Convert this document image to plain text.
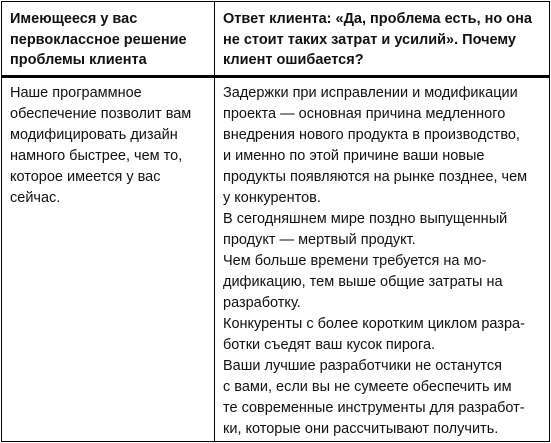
Имеющееся у вас
первоклассное решение
проблемы клиента
Ответ клиента: «Да, проблема есть, но она
не стоит таких затрат и усилий». Почему
клиент ошибается?
Наше программное
обеспечение позволит вам
модифицировать дизайн
намного быстрее, чем то,
которое имеется у вас
сейчас.
Задержки при исправлении и модификации
проекта — основная причина медленного
внедрения нового продукта в производство,
и именно по этой причине ваши новые
продукты появляются на рынке позднее, чем
у конкурентов.
В сегодняшнем мире поздно выпущенный
продукт — мертвый продукт.
Чем больше времени требуется на мо-
дификацию, тем выше общие затраты на
разработку.
Конкуренты с более коротким циклом разра-
ботки съедят ваш кусок пирога.
Ваши лучшие разработчики не останутся
с вами, если вы не сумеете обеспечить им
те современные инструменты для разработ-
ки, которые они рассчитывают получить.
